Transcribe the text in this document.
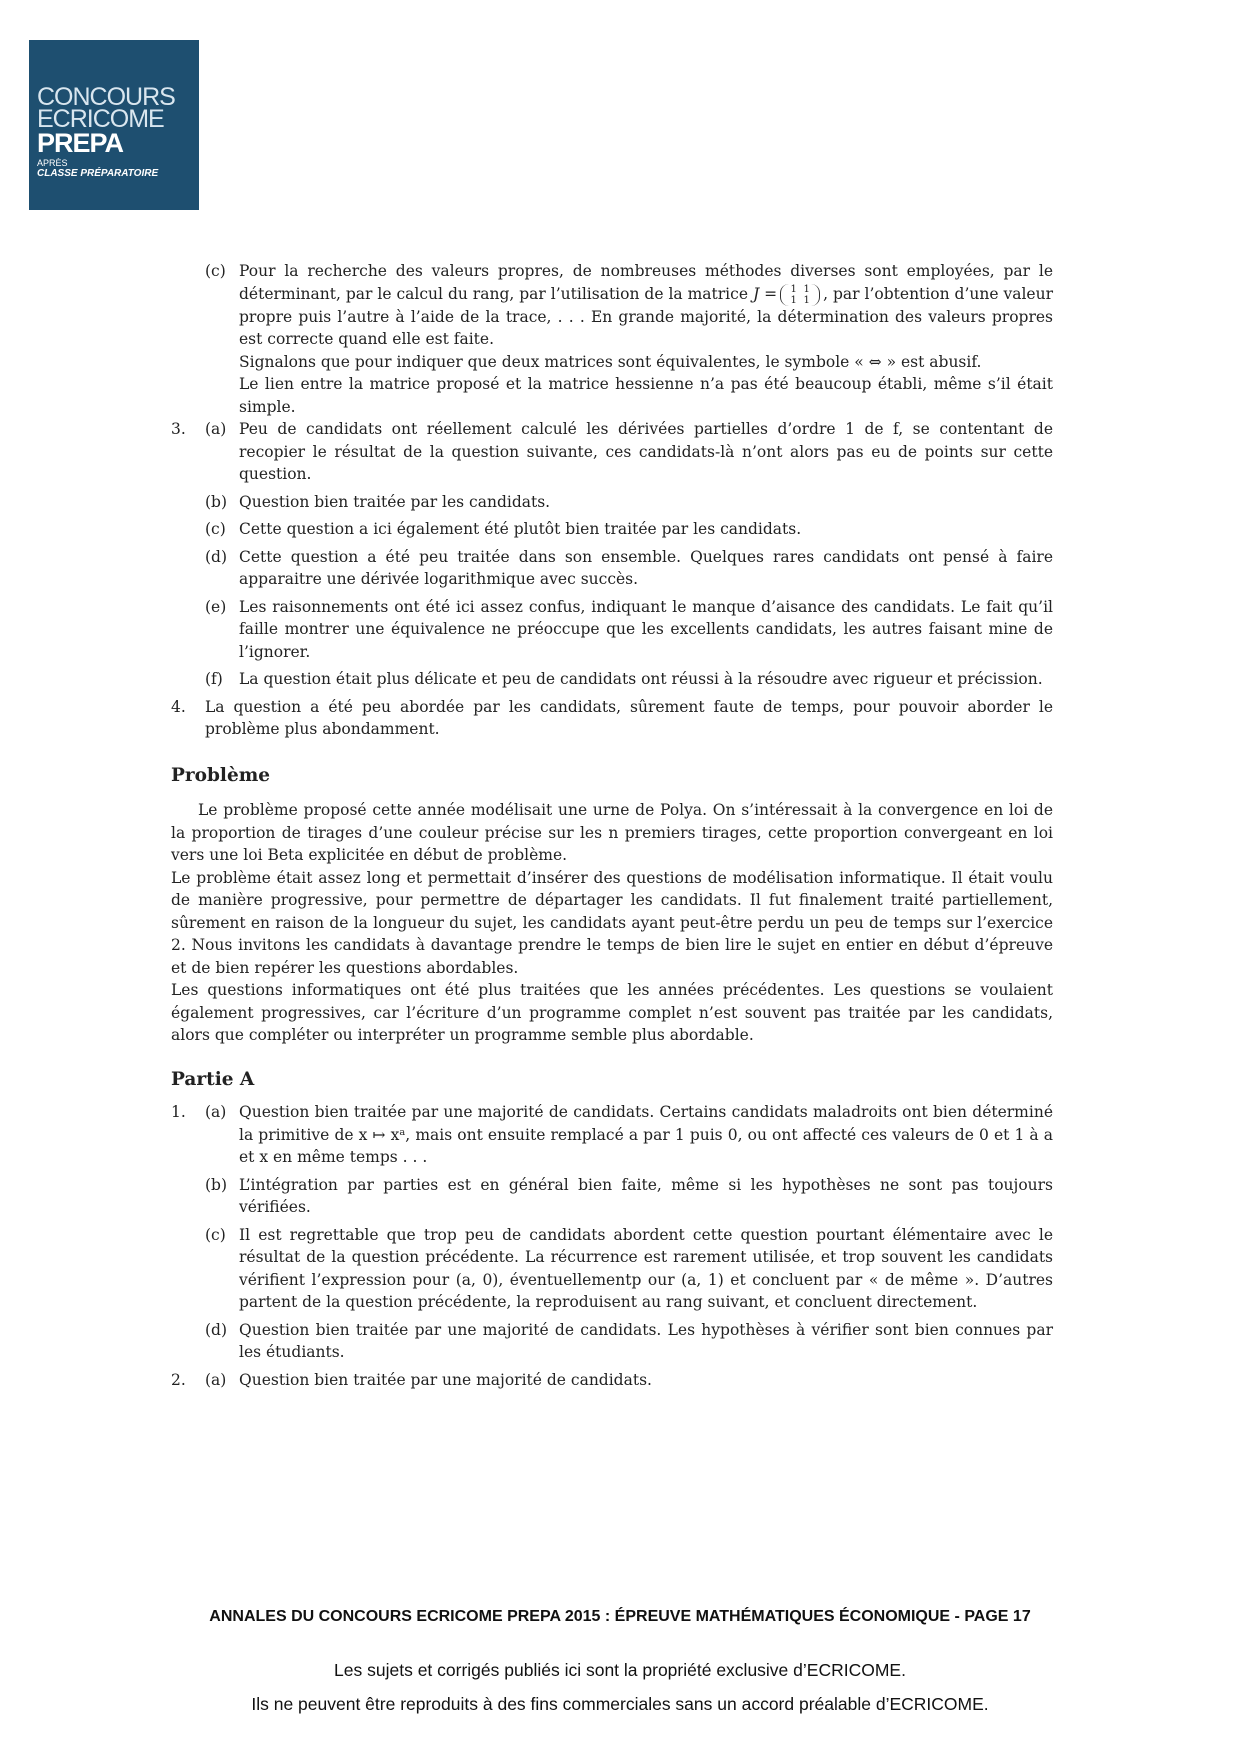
CONCOURS
ECRICOME
PREPA
APRÈS
CLASSE PRÉPARATOIRE
(c) Pour la recherche des valeurs propres, de nombreuses méthodes diverses sont employées, par le déterminant, par le calcul du rang, par l’utilisation de la matrice J = 1 1
1 1 , par l’obtention d’une valeur propre puis l’autre à l’aide de la trace, . . . En grande majorité, la détermination des valeurs propres est correcte quand elle est faite.
Signalons que pour indiquer que deux matrices sont équivalentes, le symbole « ⇔ » est abusif.
Le lien entre la matrice proposé et la matrice hessienne n’a pas été beaucoup établi, même s’il était simple.
3.	(a) Peu de candidats ont réellement calculé les dérivées partielles d’ordre 1 de f, se contentant de recopier le résultat de la question suivante, ces candidats-là n’ont alors pas eu de points sur cette question.
(b) Question bien traitée par les candidats.
(c) Cette question a ici également été plutôt bien traitée par les candidats.
(d) Cette question a été peu traitée dans son ensemble. Quelques rares candidats ont pensé à faire apparaitre une dérivée logarithmique avec succès.
(e) Les raisonnements ont été ici assez confus, indiquant le manque d’aisance des candidats. Le fait qu’il faille montrer une équivalence ne préoccupe que les excellents candidats, les autres faisant mine de l’ignorer.
(f)	La question était plus délicate et peu de candidats ont réussi à la résoudre avec rigueur et précission.
4.	La question a été peu abordée par les candidats, sûrement faute de temps, pour pouvoir aborder le problème plus abondamment.
Problème
Le problème proposé cette année modélisait une urne de Polya. On s’intéressait à la convergence en loi de la proportion de tirages d’une couleur précise sur les n premiers tirages, cette proportion convergeant en loi vers une loi Beta explicitée en début de problème.
Le problème était assez long et permettait d’insérer des questions de modélisation informatique. Il était voulu de manière progressive, pour permettre de départager les candidats. Il fut finalement traité partiellement, sûrement en raison de la longueur du sujet, les candidats ayant peut-être perdu un peu de temps sur l’exercice 2. Nous invitons les candidats à davantage prendre le temps de bien lire le sujet en entier en début d’épreuve et de bien repérer les questions abordables.
Les questions informatiques ont été plus traitées que les années précédentes. Les questions se voulaient également progressives, car l’écriture d’un programme complet n’est souvent pas traitée par les candidats, alors que compléter ou interpréter un programme semble plus abordable.
Partie A
1.	(a) Question bien traitée par une majorité de candidats. Certains candidats maladroits ont bien déterminé la primitive de x ↦ xᵃ, mais ont ensuite remplacé a par 1 puis 0, ou ont affecté ces valeurs de 0 et 1 à a et x en même temps . . .
(b) L’intégration par parties est en général bien faite, même si les hypothèses ne sont pas toujours vérifiées.
(c) Il est regrettable que trop peu de candidats abordent cette question pourtant élémentaire avec le résultat de la question précédente. La récurrence est rarement utilisée, et trop souvent les candidats vérifient l’expression pour (a, 0), éventuellementp our (a, 1) et concluent par « de même ». D’autres partent de la question précédente, la reproduisent au rang suivant, et concluent directement.
(d) Question bien traitée par une majorité de candidats. Les hypothèses à vérifier sont bien connues par les étudiants.
2.	(a) Question bien traitée par une majorité de candidats.
ANNALES DU CONCOURS ECRICOME PREPA 2015 : ÉPREUVE MATHÉMATIQUES ÉCONOMIQUE - PAGE 17
Les sujets et corrigés publiés ici sont la propriété exclusive d’ECRICOME.
Ils ne peuvent être reproduits à des fins commerciales sans un accord préalable d’ECRICOME.
